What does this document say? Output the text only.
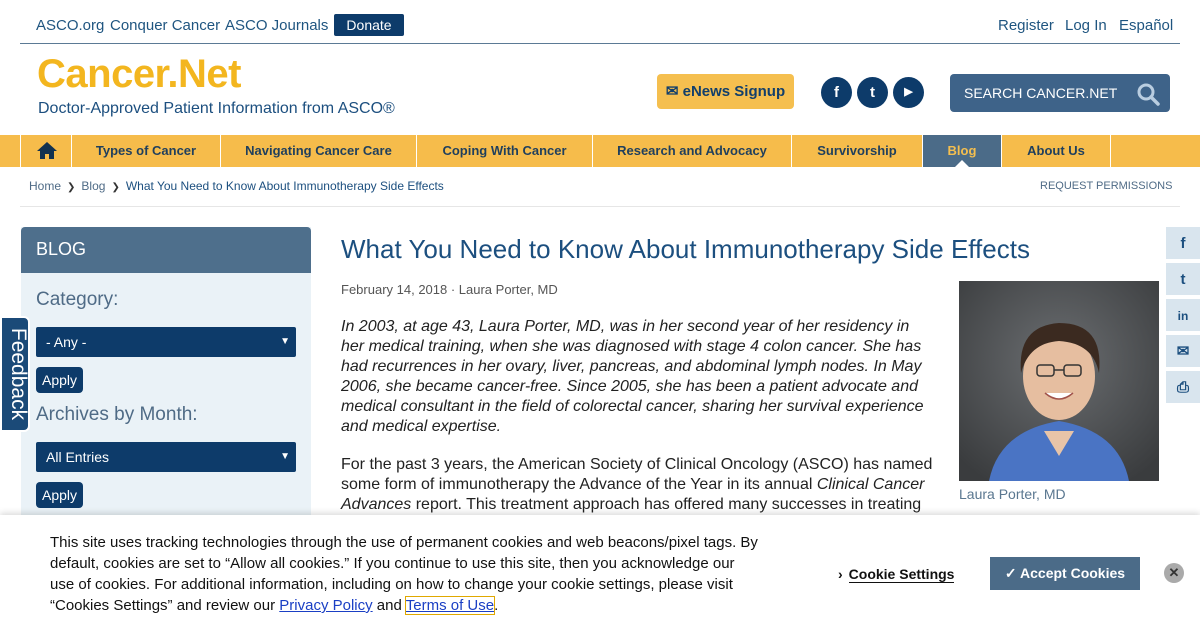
ASCO.org Conquer Cancer ASCO Journals	Donate	Register Log In Español
Cancer.Net
Doctor-Approved Patient Information from ASCO®
✉ eNews Signup	f	t	▶
SEARCH CANCER.NET
Types of Cancer	Navigating Cancer Care	Coping With Cancer	Research and Advocacy	Survivorship	Blog	About Us
Home ❯ Blog ❯ What You Need to Know About Immunotherapy Side Effects	REQUEST PERMISSIONS
BLOG
Category:
- Any -	▼
Apply
Archives by Month:
All Entries	▼
Apply
Feedback
What You Need to Know About Immunotherapy Side Effects
February 14, 2018 · Laura Porter, MD

In 2003, at age 43, Laura Porter, MD, was in her second year of her residency in her medical training, when she was diagnosed with stage 4 colon cancer. She has had recurrences in her ovary, liver, pancreas, and abdominal lymph nodes. In May 2006, she became cancer-free. Since 2005, she has been a patient advocate and medical consultant in the field of colorectal cancer, sharing her survival experience and medical expertise.

For the past 3 years, the American Society of Clinical Oncology (ASCO) has named some form of immunotherapy the Advance of the Year in its annual Clinical Cancer Advances report. This treatment approach has offered many successes in treating

Laura Porter, MD
f
t
in
✉
⎙
This site uses tracking technologies through the use of permanent cookies and web beacons/pixel tags. By default, cookies are set to “Allow all cookies.” If you continue to use this site, then you acknowledge our use of cookies. For additional information, including on how to change your cookie settings, please visit “Cookies Settings” and review our Privacy Policy and Terms of Use.
› Cookie Settings	✓ Accept Cookies	✕
